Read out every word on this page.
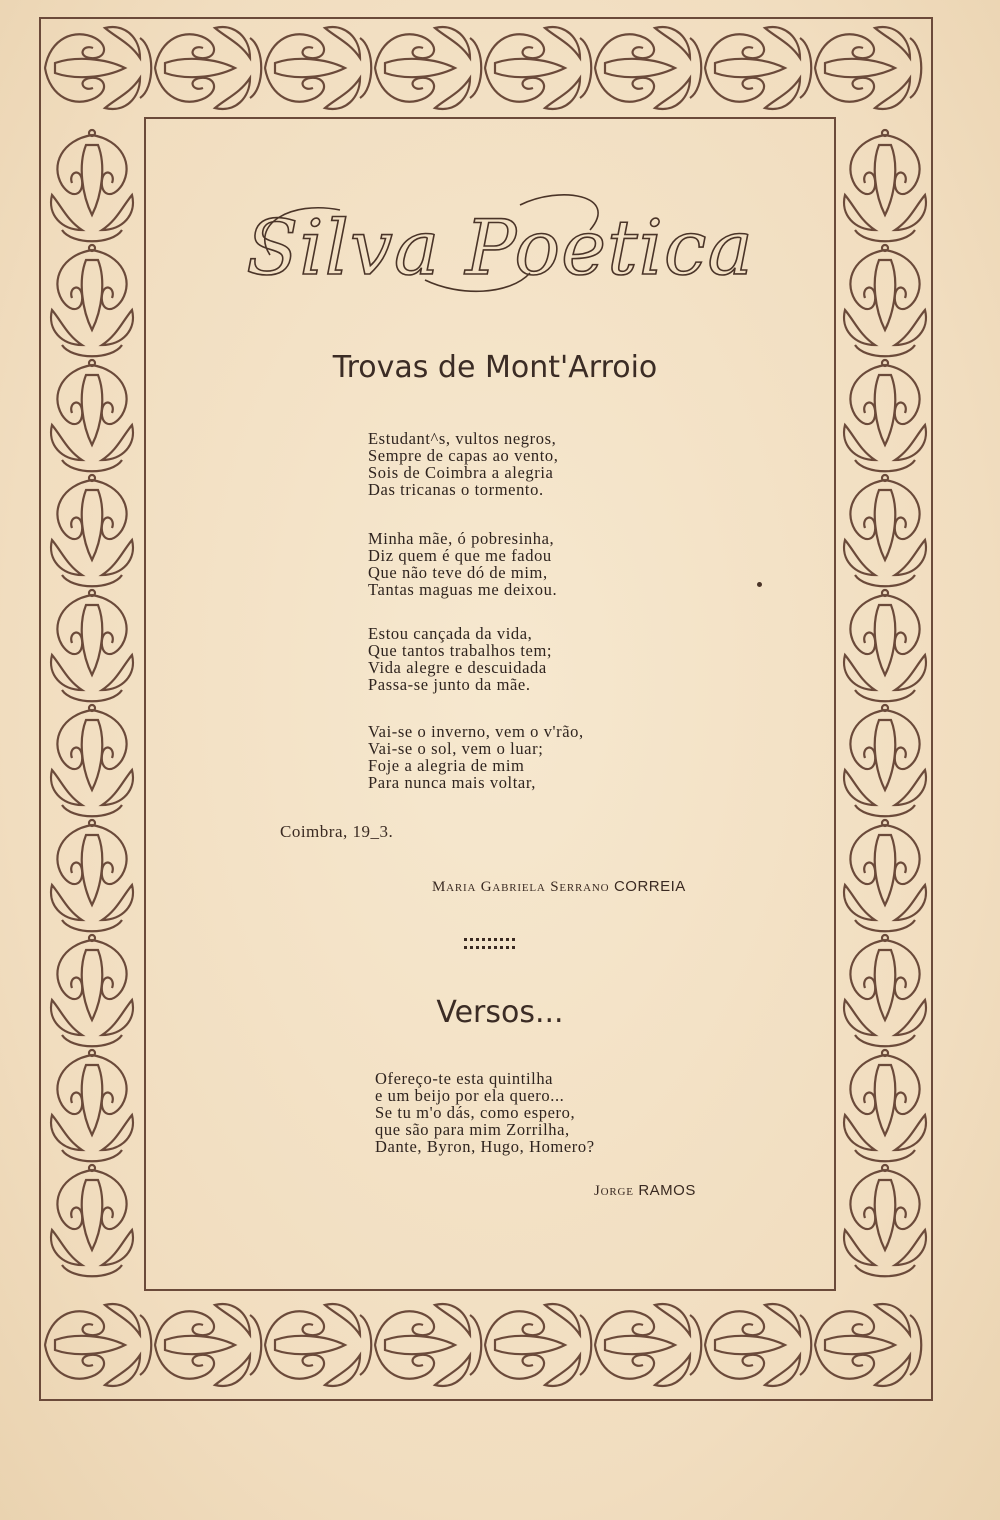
Silva Poetica
Trovas de Mont'Arroio
Estudant^s, vultos negros,
Sempre de capas ao vento,
Sois de Coimbra a alegria
Das tricanas o tormento.
Minha mãe, ó pobresinha,
Diz quem é que me fadou
Que não teve dó de mim,
Tantas maguas me deixou.
Estou cançada da vida,
Que tantos trabalhos tem;
Vida alegre e descuidada
Passa-se junto da mãe.
Vai-se o inverno, vem o v'rão,
Vai-se o sol, vem o luar;
Foje a alegria de mim
Para nunca mais voltar,
Coimbra, 19_3.
Maria Gabriela Serrano CORREIA
Versos...
Ofereço-te esta quintilha
e um beijo por ela quero...
Se tu m'o dás, como espero,
que são para mim Zorrilha,
Dante, Byron, Hugo, Homero?
Jorge RAMOS
